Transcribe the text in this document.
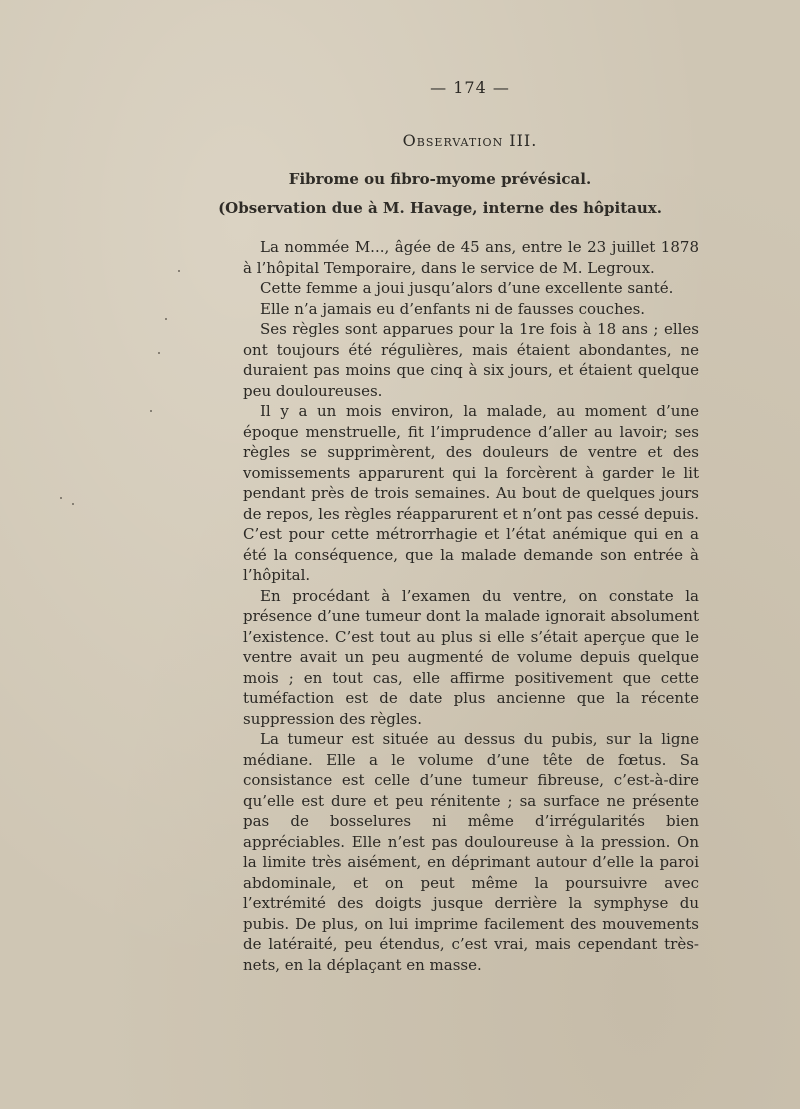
— 174 —
Observation III.
Fibrome ou fibro-myome prévésical.
(Observation due à M. Havage, interne des hôpitaux.

La nommée M..., âgée de 45 ans, entre le 23 juillet 1878 à l’hôpital Temporaire, dans le service de M. Legroux.

Cette femme a joui jusqu’alors d’une excellente santé.

Elle n’a jamais eu d’enfants ni de fausses couches.

Ses règles sont apparues pour la 1re fois à 18 ans ; elles ont toujours été régulières, mais étaient abondantes, ne duraient pas moins que cinq à six jours, et étaient quelque peu douloureuses.

Il y a un mois environ, la malade, au moment d’une époque menstruelle, fit l’imprudence d’aller au lavoir; ses règles se supprimèrent, des douleurs de ventre et des vomissements apparurent qui la forcèrent à garder le lit pendant près de trois semaines. Au bout de quelques jours de repos, les règles réapparurent et n’ont pas cessé depuis. C’est pour cette métrorrhagie et l’état anémique qui en a été la conséquence, que la malade demande son entrée à l’hôpital.

En procédant à l’examen du ventre, on constate la présence d’une tumeur dont la malade ignorait absolument l’existence. C’est tout au plus si elle s’était aperçue que le ventre avait un peu augmenté de volume depuis quelque mois ; en tout cas, elle affirme positivement que cette tuméfaction est de date plus ancienne que la récente suppression des règles.

La tumeur est située au dessus du pubis, sur la ligne médiane. Elle a le volume d’une tête de fœtus. Sa consistance est celle d’une tumeur fibreuse, c’est-à-dire qu’elle est dure et peu rénitente ; sa surface ne présente pas de bosselures ni même d’irrégularités bien appréciables. Elle n’est pas douloureuse à la pression. On la limite très aisément, en déprimant autour d’elle la paroi abdominale, et on peut même la poursuivre avec l’extrémité des doigts jusque derrière la symphyse du pubis. De plus, on lui imprime facilement des mouvements de latéraité, peu étendus, c’est vrai, mais cependant très-nets, en la déplaçant en masse.
